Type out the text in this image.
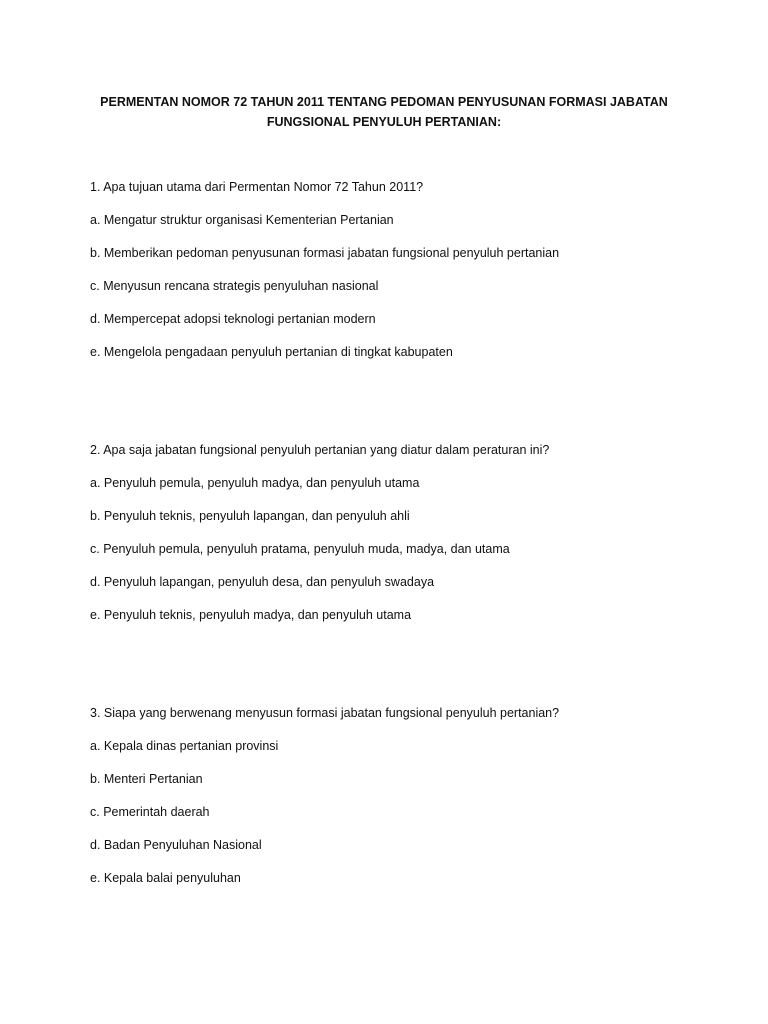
PERMENTAN NOMOR 72 TAHUN 2011 TENTANG PEDOMAN PENYUSUNAN FORMASI JABATAN
FUNGSIONAL PENYULUH PERTANIAN:
1. Apa tujuan utama dari Permentan Nomor 72 Tahun 2011?
a. Mengatur struktur organisasi Kementerian Pertanian
b. Memberikan pedoman penyusunan formasi jabatan fungsional penyuluh pertanian
c. Menyusun rencana strategis penyuluhan nasional
d. Mempercepat adopsi teknologi pertanian modern
e. Mengelola pengadaan penyuluh pertanian di tingkat kabupaten
2. Apa saja jabatan fungsional penyuluh pertanian yang diatur dalam peraturan ini?
a. Penyuluh pemula, penyuluh madya, dan penyuluh utama
b. Penyuluh teknis, penyuluh lapangan, dan penyuluh ahli
c. Penyuluh pemula, penyuluh pratama, penyuluh muda, madya, dan utama
d. Penyuluh lapangan, penyuluh desa, dan penyuluh swadaya
e. Penyuluh teknis, penyuluh madya, dan penyuluh utama
3. Siapa yang berwenang menyusun formasi jabatan fungsional penyuluh pertanian?
a. Kepala dinas pertanian provinsi
b. Menteri Pertanian
c. Pemerintah daerah
d. Badan Penyuluhan Nasional
e. Kepala balai penyuluhan
